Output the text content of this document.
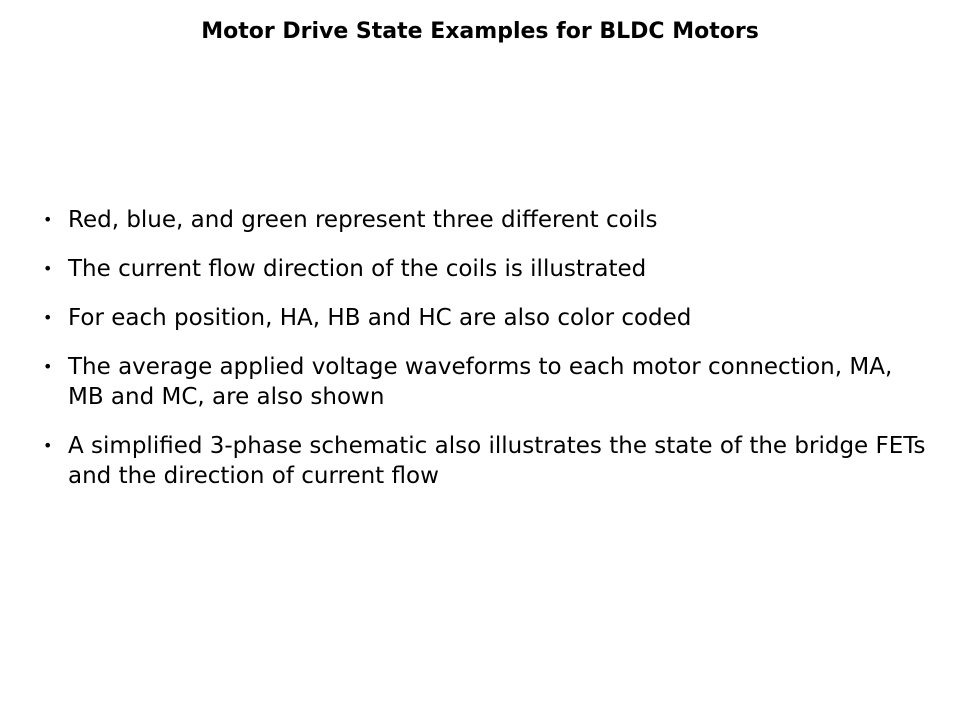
Motor Drive State Examples for BLDC Motors
• Red, blue, and green represent three different coils
• The current flow direction of the coils is illustrated
• For each position, HA, HB and HC are also color coded
• The average applied voltage waveforms to each motor connection, MA, MB and MC, are also shown
• A simplified 3-phase schematic also illustrates the state of the bridge FETs and the direction of current flow
